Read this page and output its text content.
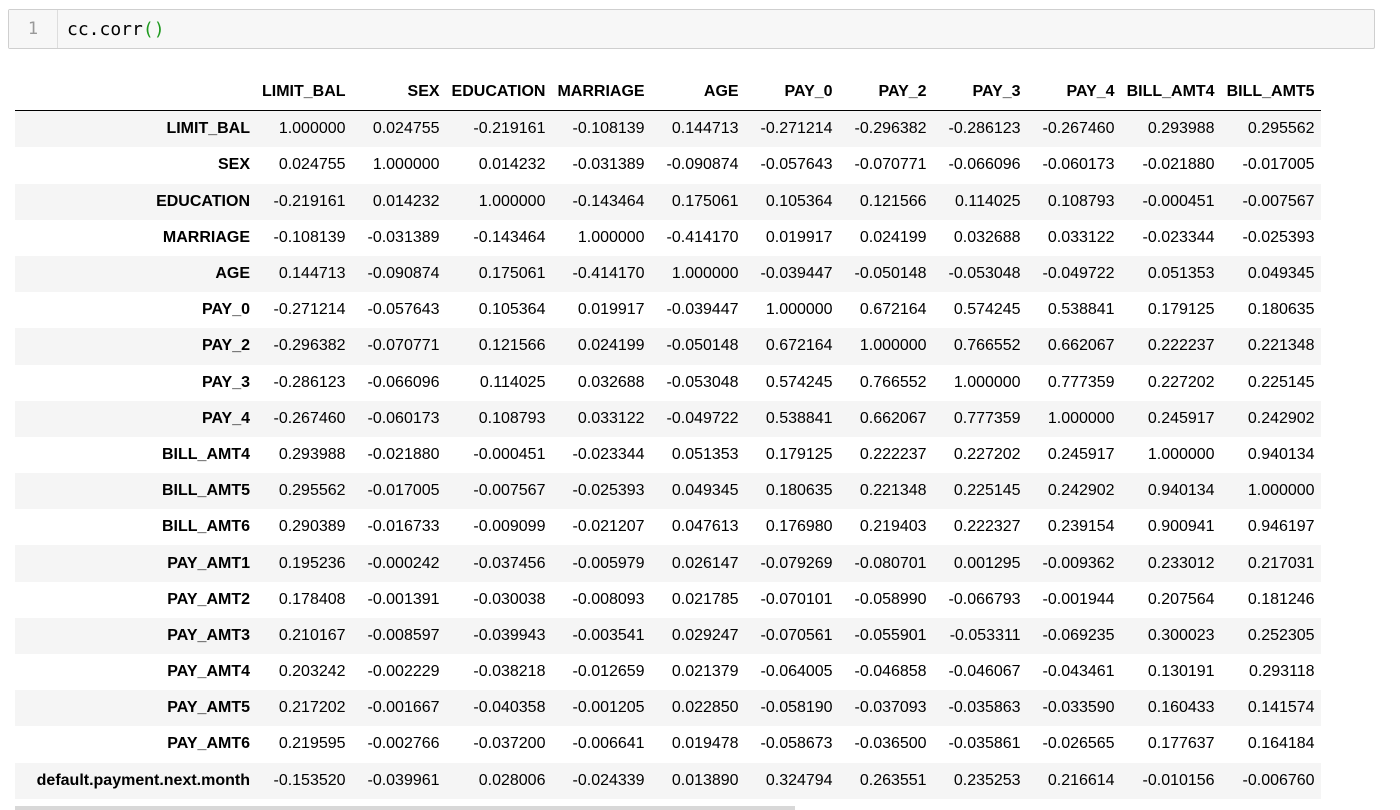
1	cc.corr()
	LIMIT_BAL	SEX	EDUCATION	MARRIAGE	AGE	PAY_0	PAY_2	PAY_3	PAY_4	BILL_AMT4	BILL_AMT5
LIMIT_BAL	1.000000	0.024755	-0.219161	-0.108139	0.144713	-0.271214	-0.296382	-0.286123	-0.267460	0.293988	0.295562
SEX	0.024755	1.000000	0.014232	-0.031389	-0.090874	-0.057643	-0.070771	-0.066096	-0.060173	-0.021880	-0.017005
EDUCATION	-0.219161	0.014232	1.000000	-0.143464	0.175061	0.105364	0.121566	0.114025	0.108793	-0.000451	-0.007567
MARRIAGE	-0.108139	-0.031389	-0.143464	1.000000	-0.414170	0.019917	0.024199	0.032688	0.033122	-0.023344	-0.025393
AGE	0.144713	-0.090874	0.175061	-0.414170	1.000000	-0.039447	-0.050148	-0.053048	-0.049722	0.051353	0.049345
PAY_0	-0.271214	-0.057643	0.105364	0.019917	-0.039447	1.000000	0.672164	0.574245	0.538841	0.179125	0.180635
PAY_2	-0.296382	-0.070771	0.121566	0.024199	-0.050148	0.672164	1.000000	0.766552	0.662067	0.222237	0.221348
PAY_3	-0.286123	-0.066096	0.114025	0.032688	-0.053048	0.574245	0.766552	1.000000	0.777359	0.227202	0.225145
PAY_4	-0.267460	-0.060173	0.108793	0.033122	-0.049722	0.538841	0.662067	0.777359	1.000000	0.245917	0.242902
BILL_AMT4	0.293988	-0.021880	-0.000451	-0.023344	0.051353	0.179125	0.222237	0.227202	0.245917	1.000000	0.940134
BILL_AMT5	0.295562	-0.017005	-0.007567	-0.025393	0.049345	0.180635	0.221348	0.225145	0.242902	0.940134	1.000000
BILL_AMT6	0.290389	-0.016733	-0.009099	-0.021207	0.047613	0.176980	0.219403	0.222327	0.239154	0.900941	0.946197
PAY_AMT1	0.195236	-0.000242	-0.037456	-0.005979	0.026147	-0.079269	-0.080701	0.001295	-0.009362	0.233012	0.217031
PAY_AMT2	0.178408	-0.001391	-0.030038	-0.008093	0.021785	-0.070101	-0.058990	-0.066793	-0.001944	0.207564	0.181246
PAY_AMT3	0.210167	-0.008597	-0.039943	-0.003541	0.029247	-0.070561	-0.055901	-0.053311	-0.069235	0.300023	0.252305
PAY_AMT4	0.203242	-0.002229	-0.038218	-0.012659	0.021379	-0.064005	-0.046858	-0.046067	-0.043461	0.130191	0.293118
PAY_AMT5	0.217202	-0.001667	-0.040358	-0.001205	0.022850	-0.058190	-0.037093	-0.035863	-0.033590	0.160433	0.141574
PAY_AMT6	0.219595	-0.002766	-0.037200	-0.006641	0.019478	-0.058673	-0.036500	-0.035861	-0.026565	0.177637	0.164184
default.payment.next.month	-0.153520	-0.039961	0.028006	-0.024339	0.013890	0.324794	0.263551	0.235253	0.216614	-0.010156	-0.006760
